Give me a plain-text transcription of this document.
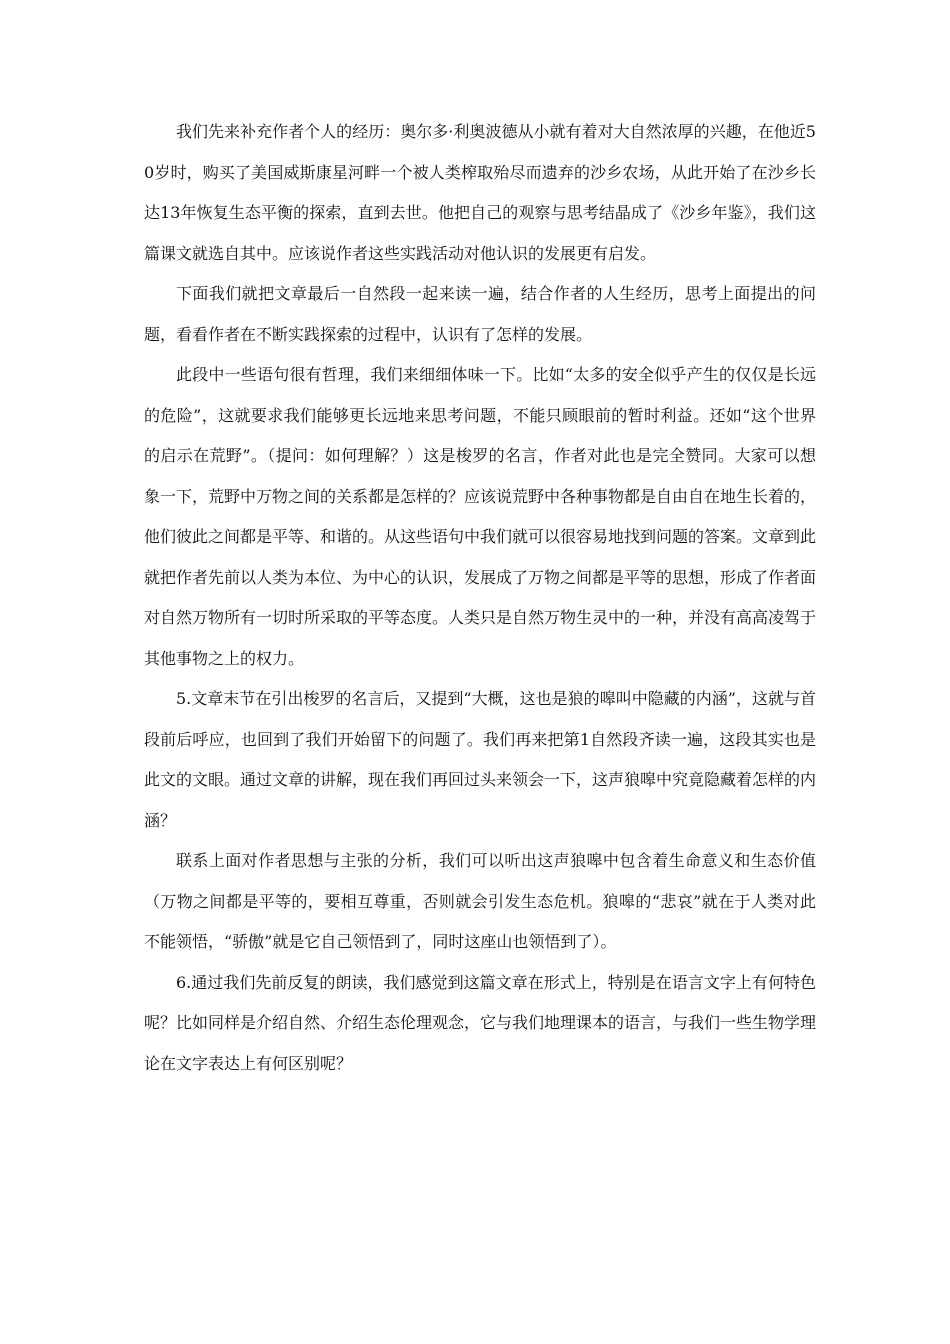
我们先来补充作者个人的经历：奥尔多·利奥波德从小就有着对大自然浓厚的兴趣，在他近50岁时，购买了美国威斯康星河畔一个被人类榨取殆尽而遗弃的沙乡农场，从此开始了在沙乡长达13年恢复生态平衡的探索，直到去世。他把自己的观察与思考结晶成了《沙乡年鉴》，我们这篇课文就选自其中。应该说作者这些实践活动对他认识的发展更有启发。

下面我们就把文章最后一自然段一起来读一遍，结合作者的人生经历，思考上面提出的问题，看看作者在不断实践探索的过程中，认识有了怎样的发展。

此段中一些语句很有哲理，我们来细细体味一下。比如“太多的安全似乎产生的仅仅是长远的危险”，这就要求我们能够更长远地来思考问题，不能只顾眼前的暂时利益。还如“这个世界的启示在荒野”。（提问：如何理解？）这是梭罗的名言，作者对此也是完全赞同。大家可以想象一下，荒野中万物之间的关系都是怎样的？应该说荒野中各种事物都是自由自在地生长着的，他们彼此之间都是平等、和谐的。从这些语句中我们就可以很容易地找到问题的答案。文章到此就把作者先前以人类为本位、为中心的认识，发展成了万物之间都是平等的思想，形成了作者面对自然万物所有一切时所采取的平等态度。人类只是自然万物生灵中的一种，并没有高高凌驾于其他事物之上的权力。

5.文章末节在引出梭罗的名言后，又提到“大概，这也是狼的嗥叫中隐藏的内涵”，这就与首段前后呼应，也回到了我们开始留下的问题了。我们再来把第1自然段齐读一遍，这段其实也是此文的文眼。通过文章的讲解，现在我们再回过头来领会一下，这声狼嗥中究竟隐藏着怎样的内涵？

联系上面对作者思想与主张的分析，我们可以听出这声狼嗥中包含着生命意义和生态价值（万物之间都是平等的，要相互尊重，否则就会引发生态危机。狼嗥的“悲哀”就在于人类对此不能领悟，“骄傲”就是它自己领悟到了，同时这座山也领悟到了）。

6.通过我们先前反复的朗读，我们感觉到这篇文章在形式上，特别是在语言文字上有何特色呢？比如同样是介绍自然、介绍生态伦理观念，它与我们地理课本的语言，与我们一些生物学理论在文字表达上有何区别呢？
